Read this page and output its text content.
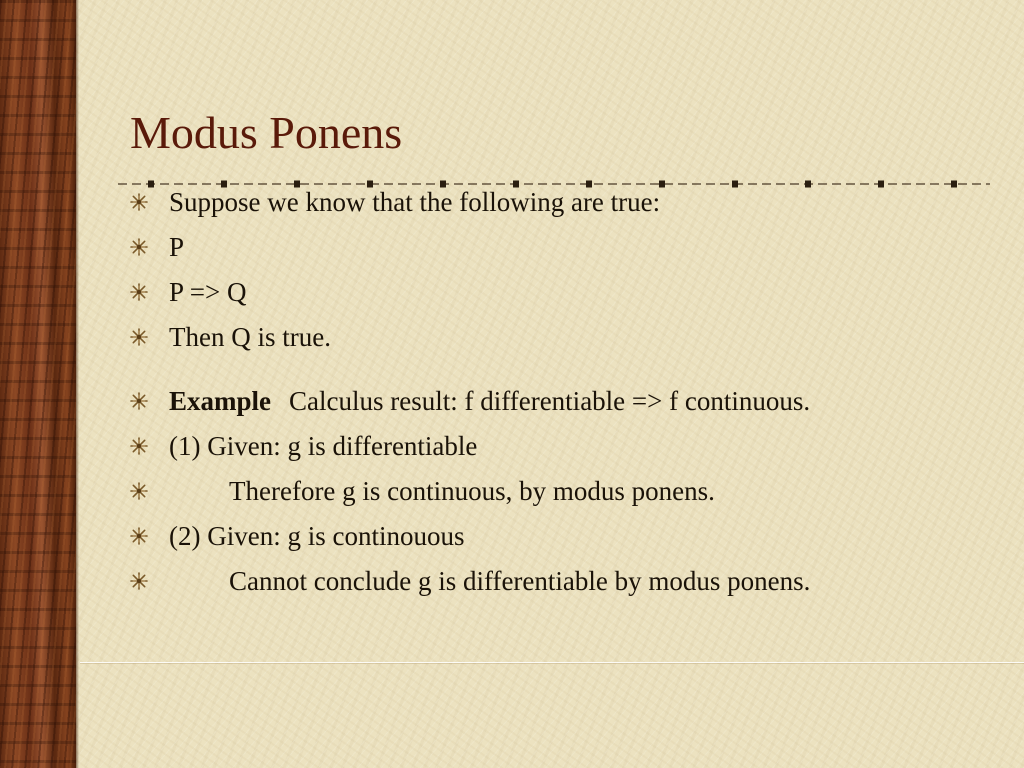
Modus Ponens
Suppose we know that the following are true:
P
P => Q
Then Q is true.
Example Calculus result: f differentiable => f continuous.
(1) Given: g is differentiable
Therefore g is continuous, by modus ponens.
(2) Given: g is continouous
Cannot conclude g is differentiable by modus ponens.
